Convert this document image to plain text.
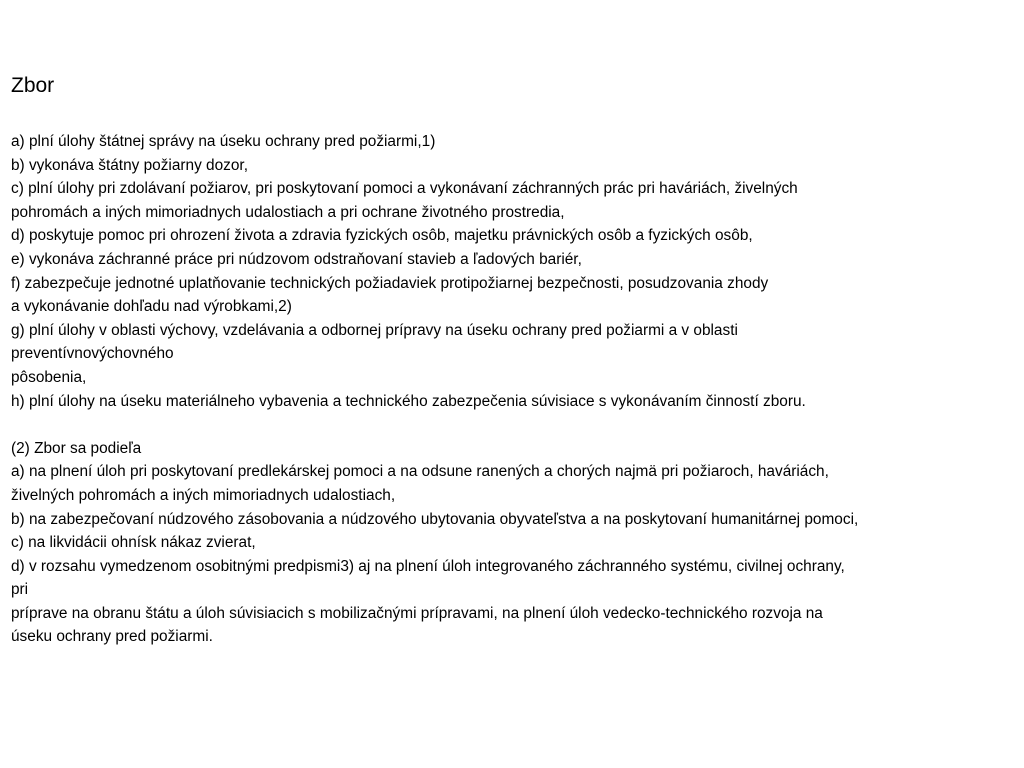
Zbor
a) plní úlohy štátnej správy na úseku ochrany pred požiarmi,1)
b) vykonáva štátny požiarny dozor,
c) plní úlohy pri zdolávaní požiarov, pri poskytovaní pomoci a vykonávaní záchranných prác pri haváriách, živelných
pohromách a iných mimoriadnych udalostiach a pri ochrane životného prostredia,
d) poskytuje pomoc pri ohrození života a zdravia fyzických osôb, majetku právnických osôb a fyzických osôb,
e) vykonáva záchranné práce pri núdzovom odstraňovaní stavieb a ľadových bariér,
f) zabezpečuje jednotné uplatňovanie technických požiadaviek protipožiarnej bezpečnosti, posudzovania zhody
a vykonávanie dohľadu nad výrobkami,2)
g) plní úlohy v oblasti výchovy, vzdelávania a odbornej prípravy na úseku ochrany pred požiarmi a v oblasti
preventívnovýchovného
pôsobenia,
h) plní úlohy na úseku materiálneho vybavenia a technického zabezpečenia súvisiace s vykonávaním činností zboru.
(2) Zbor sa podieľa
a) na plnení úloh pri poskytovaní predlekárskej pomoci a na odsune ranených a chorých najmä pri požiaroch, haváriách,
živelných pohromách a iných mimoriadnych udalostiach,
b) na zabezpečovaní núdzového zásobovania a núdzového ubytovania obyvateľstva a na poskytovaní humanitárnej pomoci,
c) na likvidácii ohnísk nákaz zvierat,
d) v rozsahu vymedzenom osobitnými predpismi3) aj na plnení úloh integrovaného záchranného systému, civilnej ochrany,
pri
príprave na obranu štátu a úloh súvisiacich s mobilizačnými prípravami, na plnení úloh vedecko-technického rozvoja na
úseku ochrany pred požiarmi.
